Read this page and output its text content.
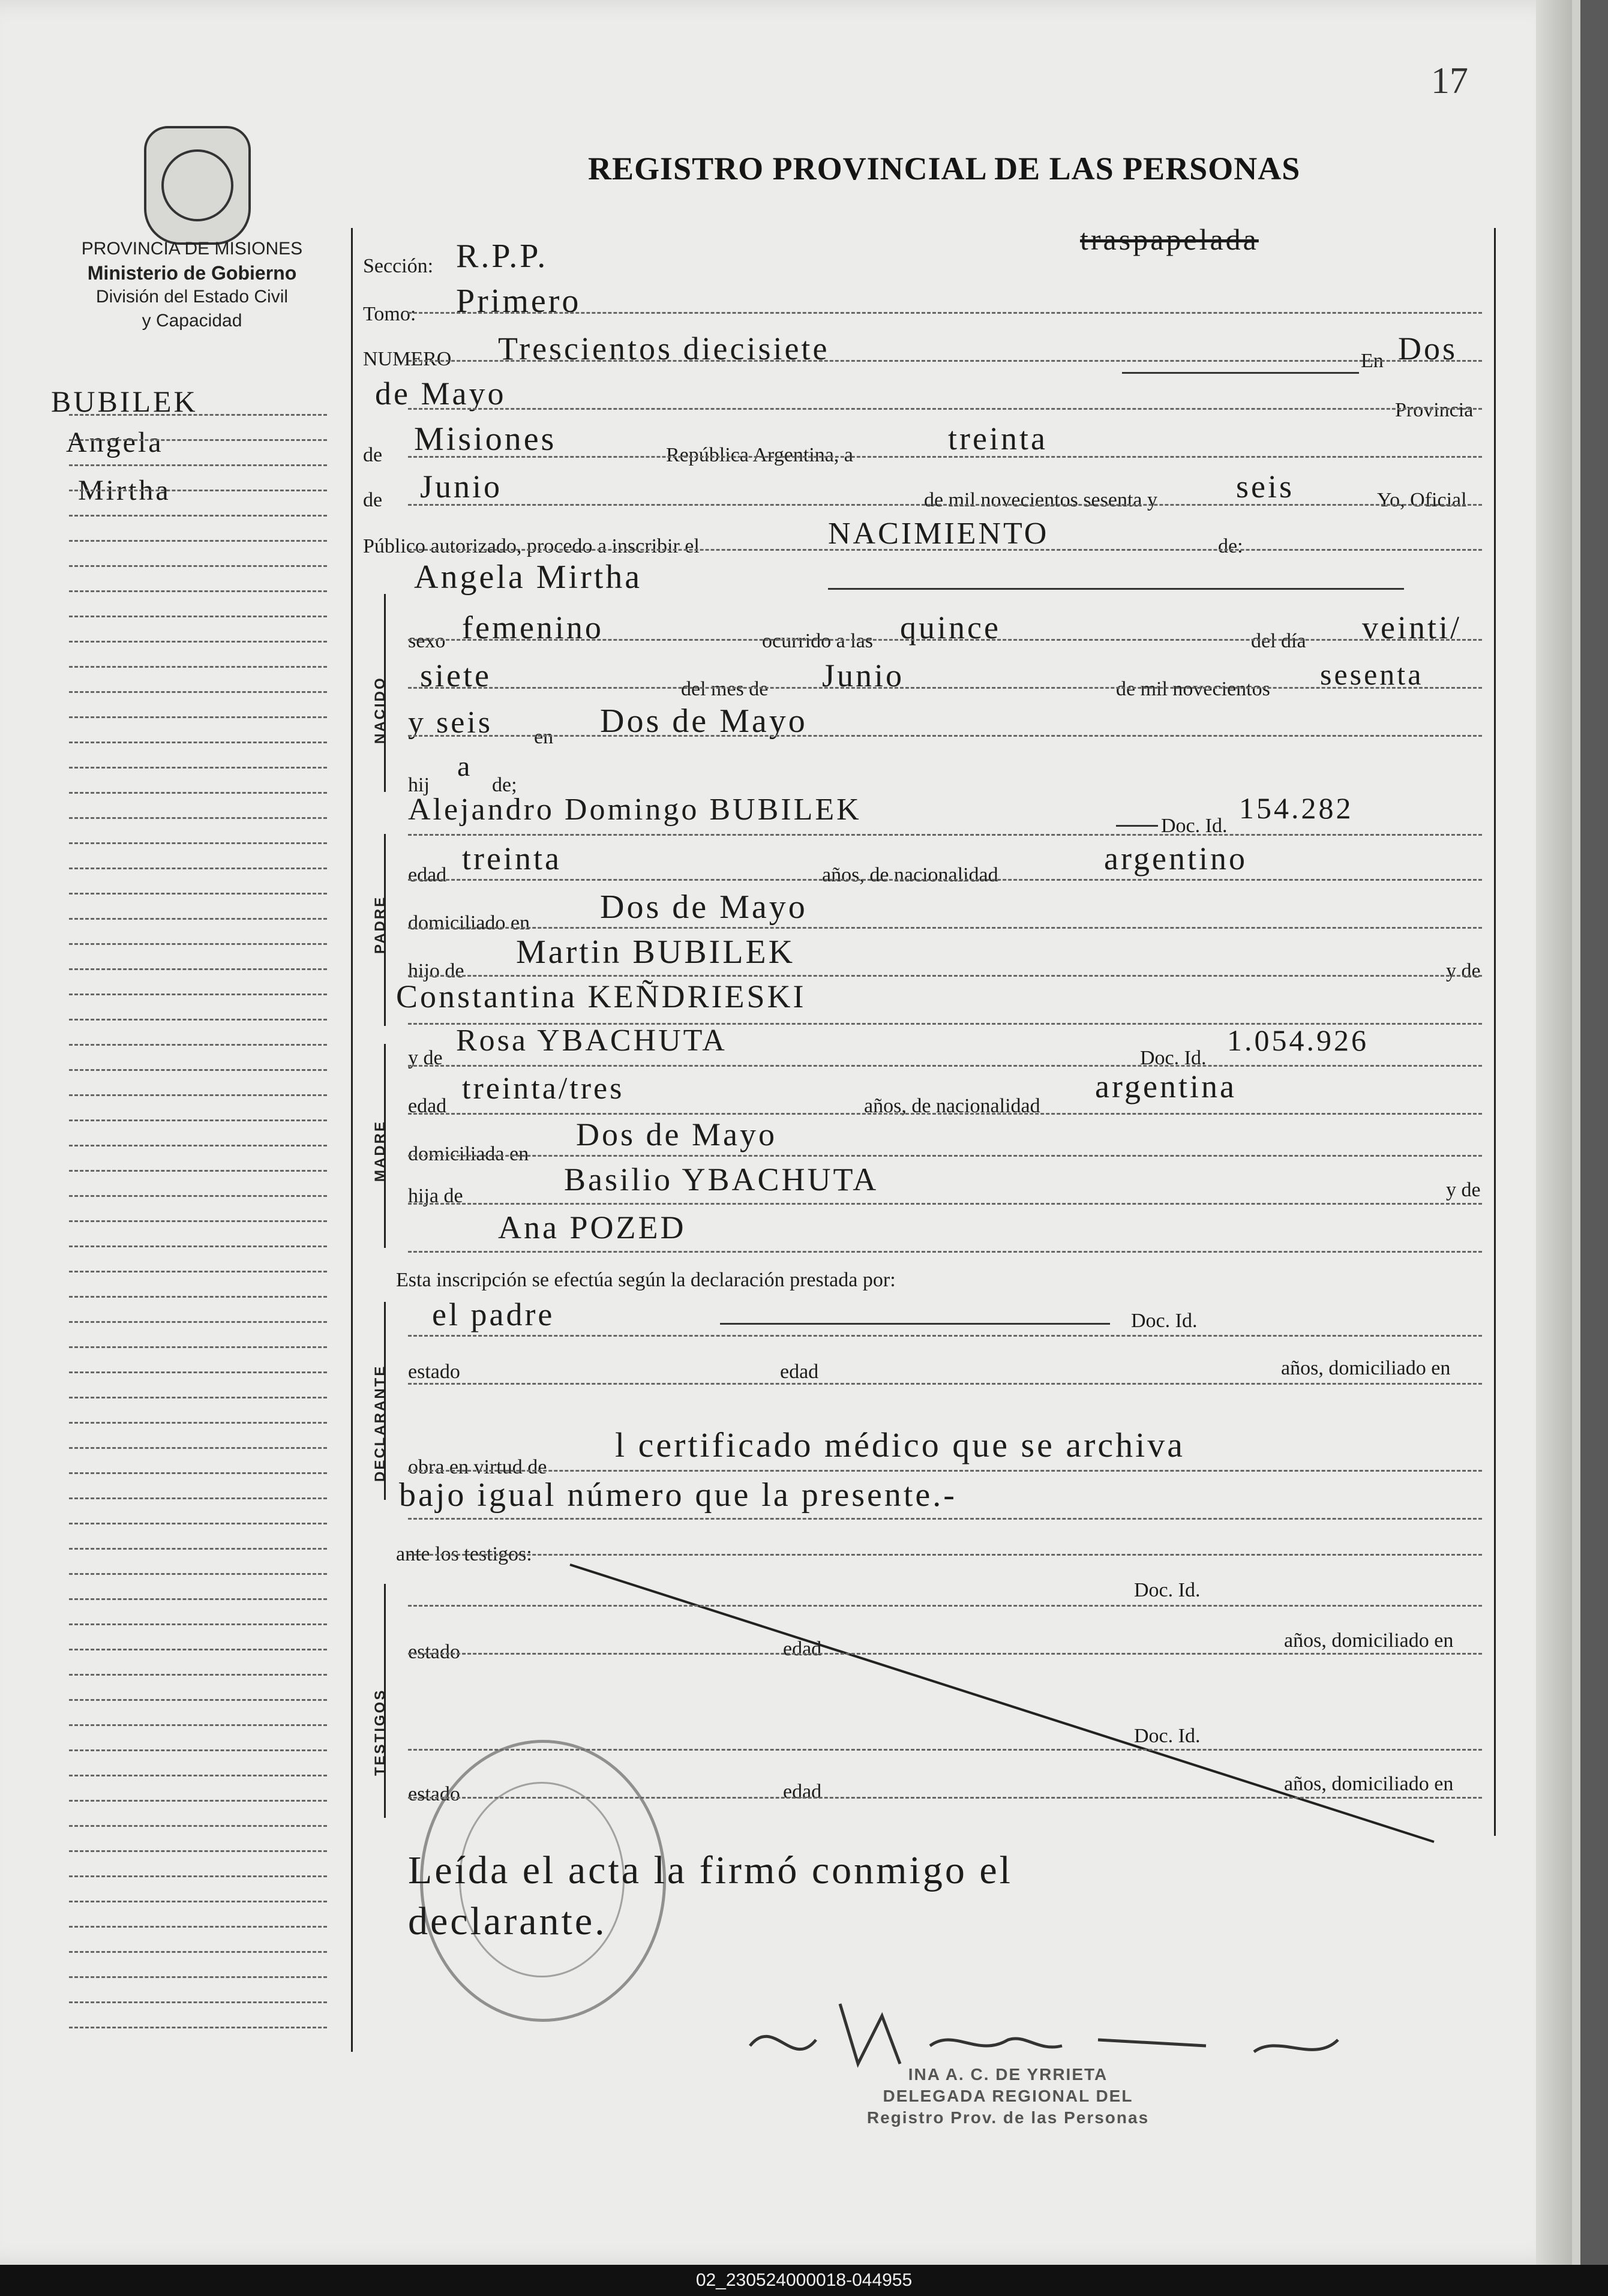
17
REGISTRO PROVINCIAL DE LAS PERSONAS
PROVINCIA DE MISIONES
Ministerio de Gobierno
División del Estado Civil
y Capacidad
BUBILEK
Angela
Mirtha
Sección: R.P.P.
Tomo: Primero
traspapelada
NUMERO Trescientos diecisiete	En Dos
de Mayo	Provincia
de Misiones	República Argentina, a	treinta
de Junio	de mil novecientos sesenta y seis	Yo, Oficial
Público autorizado, procedo a inscribir el	NACIMIENTO	de:
Angela Mirtha
NACIDO
sexo femenino	ocurrido a las quince	del día veinti/
siete	del mes de Junio	de mil novecientos sesenta
y seis en Dos de Mayo
hij
a
de;
Alejandro Domingo BUBILEK	Doc. Id.
154.282
PADRE
edad treinta	años, de nacionalidad	argentino
domiciliado en Dos de Mayo
hijo de
Martin BUBILEK
y de
Constantina KEÑDRIESKI
MADRE
y de
Rosa YBACHUTA
Doc. Id.
1.054.926
edad
treinta/tres
años, de nacionalidad
argentina
domiciliada en
Dos de Mayo
hija de	Basilio YBACHUTA	y de
Ana POZED
Esta inscripción se efectúa según la declaración prestada por:
DECLARANTE
el padre	Doc. Id.
estado	edad	años, domiciliado en
obra en virtud de
l certificado médico que se archiva
bajo igual número que la presente.-
ante los testigos:
TESTIGOS
Doc. Id.
estado	edad	años, domiciliado en
Doc. Id.
estado	edad	años, domiciliado en
Leída el acta la firmó conmigo el
declarante.
INA A. C. DE YRRIETA
DELEGADA REGIONAL DEL
Registro Prov. de las Personas
02_230524000018-044955
